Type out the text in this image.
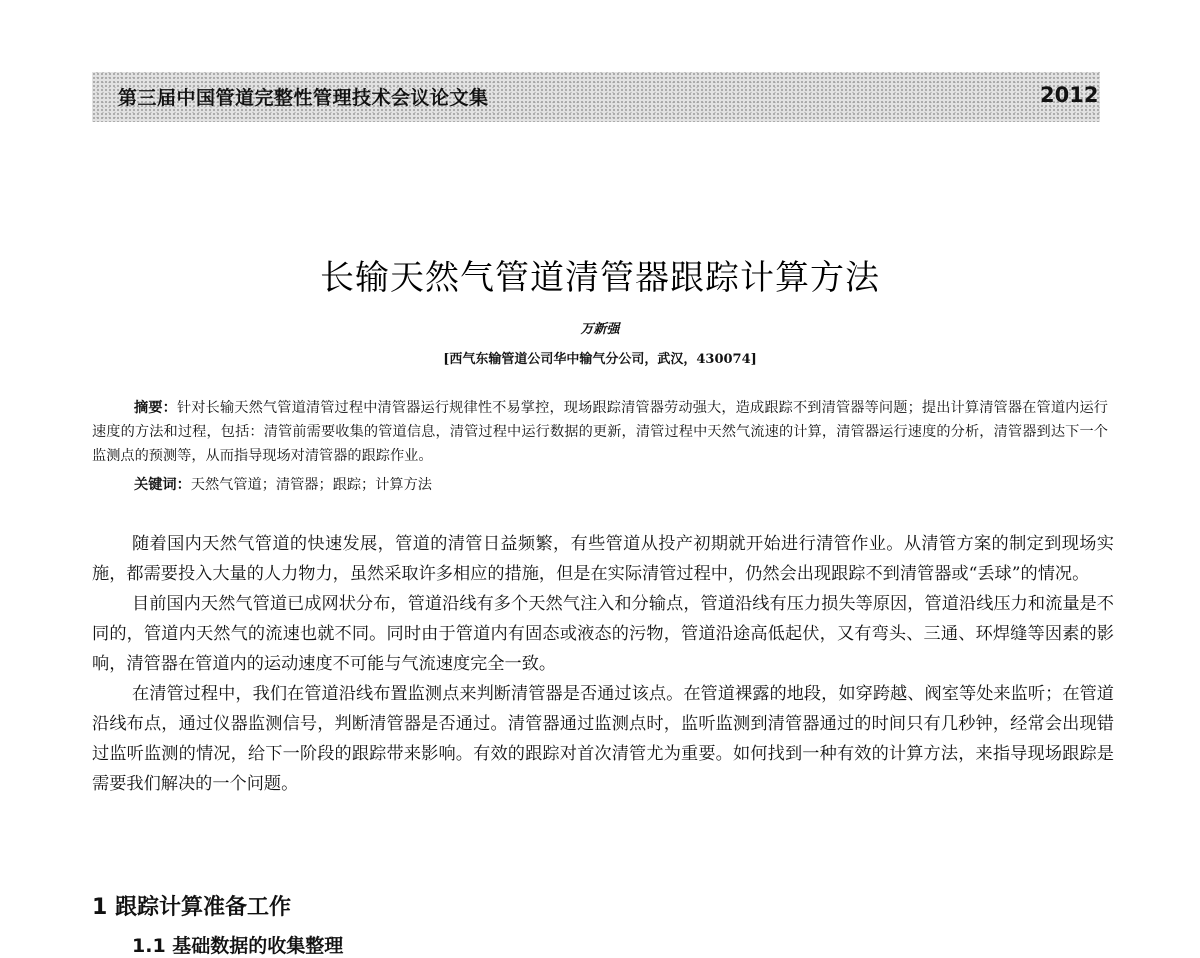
第三届中国管道完整性管理技术会议论文集	2012
长输天然气管道清管器跟踪计算方法
万新强
[西气东输管道公司华中输气分公司，武汉，430074]

摘要：针对长输天然气管道清管过程中清管器运行规律性不易掌控，现场跟踪清管器劳动强大，造成跟踪不到清管器等问题；提出计算清管器在管道内运行速度的方法和过程，包括：清管前需要收集的管道信息，清管过程中运行数据的更新，清管过程中天然气流速的计算，清管器运行速度的分析，清管器到达下一个监测点的预测等，从而指导现场对清管器的跟踪作业。

关键词：天然气管道；清管器；跟踪；计算方法

随着国内天然气管道的快速发展，管道的清管日益频繁，有些管道从投产初期就开始进行清管作业。从清管方案的制定到现场实施，都需要投入大量的人力物力，虽然采取许多相应的措施，但是在实际清管过程中，仍然会出现跟踪不到清管器或“丢球”的情况。

目前国内天然气管道已成网状分布，管道沿线有多个天然气注入和分输点，管道沿线有压力损失等原因，管道沿线压力和流量是不同的，管道内天然气的流速也就不同。同时由于管道内有固态或液态的污物，管道沿途高低起伏，又有弯头、三通、环焊缝等因素的影响，清管器在管道内的运动速度不可能与气流速度完全一致。

在清管过程中，我们在管道沿线布置监测点来判断清管器是否通过该点。在管道裸露的地段，如穿跨越、阀室等处来监听；在管道沿线布点，通过仪器监测信号，判断清管器是否通过。清管器通过监测点时，监听监测到清管器通过的时间只有几秒钟，经常会出现错过监听监测的情况，给下一阶段的跟踪带来影响。有效的跟踪对首次清管尤为重要。如何找到一种有效的计算方法，来指导现场跟踪是需要我们解决的一个问题。

1 跟踪计算准备工作
1.1 基础数据的收集整理
